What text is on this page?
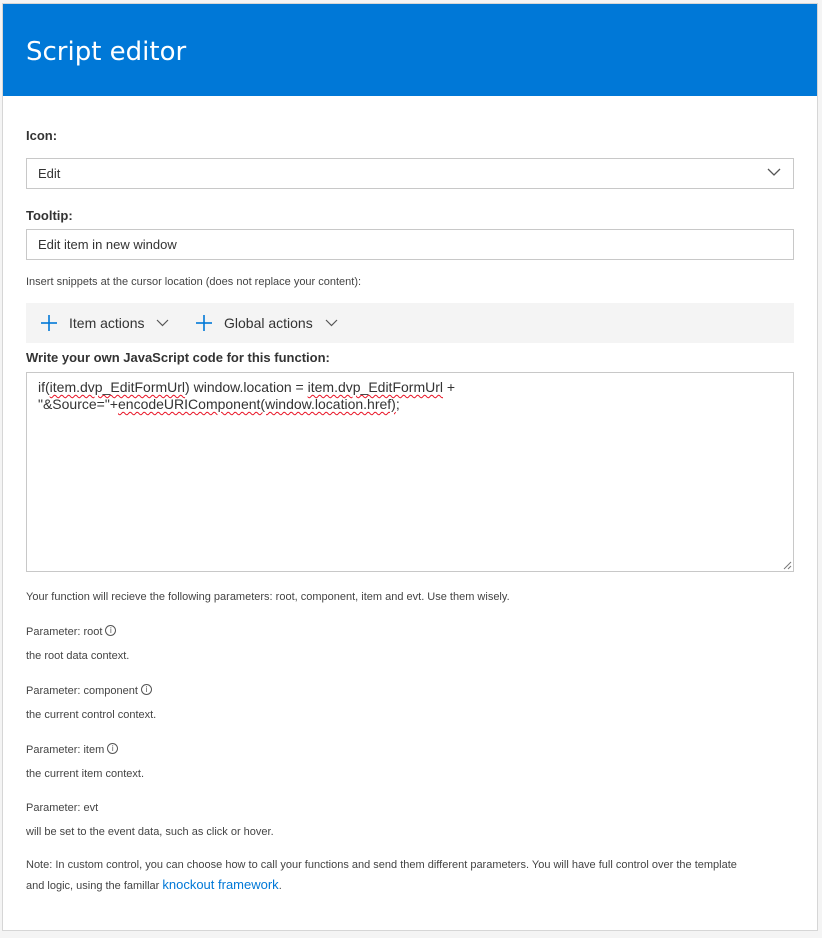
Script editor
Icon:
Edit
Tooltip:
Edit item in new window
Insert snippets at the cursor location (does not replace your content):
Item actions	Global actions
Write your own JavaScript code for this function:
if(item.dvp_EditFormUrl) window.location = item.dvp_EditFormUrl +
"&Source="+encodeURIComponent(window.location.href);
Your function will recieve the following parameters: root, component, item and evt. Use them wisely.
Parameter: root i
the root data context.
Parameter: component i
the current control context.
Parameter: item i
the current item context.
Parameter: evt
will be set to the event data, such as click or hover.
Note: In custom control, you can choose how to call your functions and send them different parameters. You will have full control over the template
and logic, using the famillar knockout framework.
